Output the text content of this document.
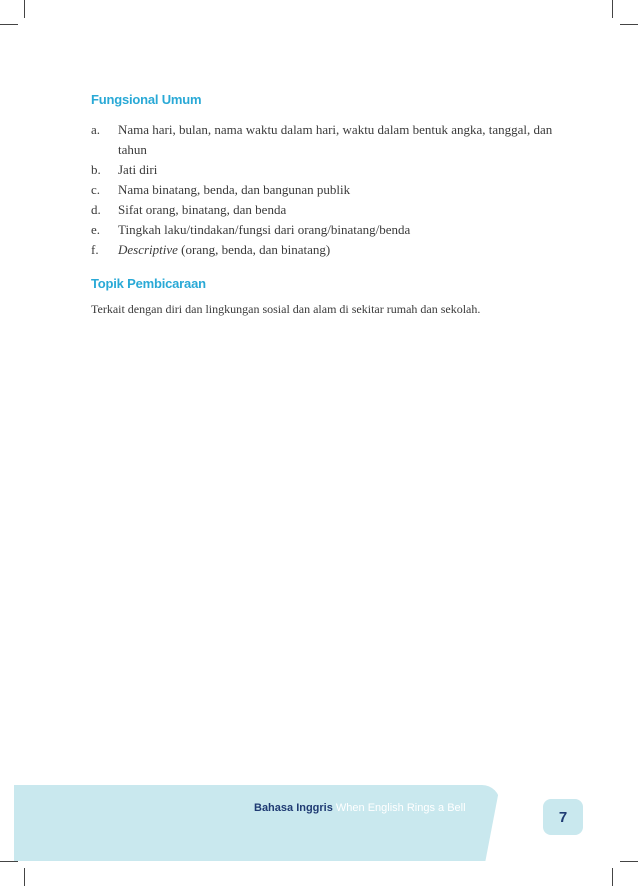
Fungsional Umum
a.	Nama hari, bulan, nama waktu dalam hari, waktu dalam bentuk angka, tanggal, dan tahun
b.	Jati diri
c.	Nama binatang, benda, dan bangunan publik
d.	Sifat orang, binatang, dan benda
e.	Tingkah laku/tindakan/fungsi dari orang/binatang/benda
f.	Descriptive (orang, benda, dan binatang)
Topik Pembicaraan

Terkait dengan diri dan lingkungan sosial dan alam di sekitar rumah dan sekolah.

Bahasa Inggris When English Rings a Bell
7
